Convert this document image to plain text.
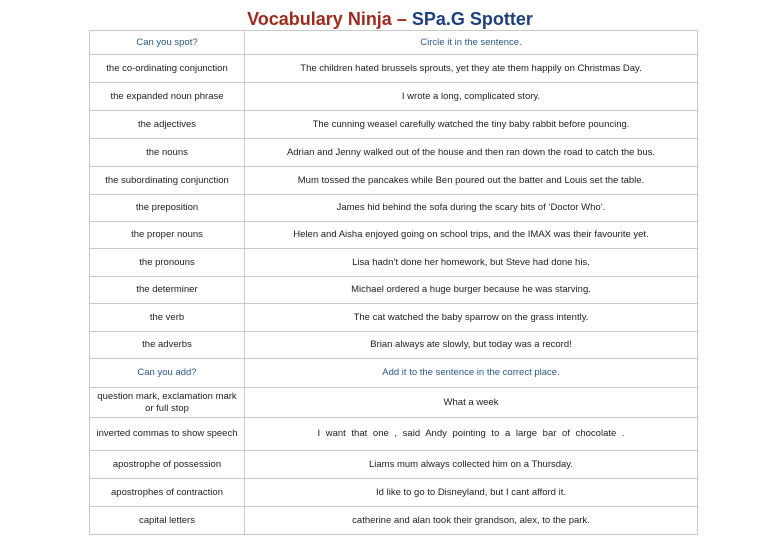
Vocabulary Ninja – SPa.G Spotter
Can you spot?	Circle it in the sentence.
the co-ordinating conjunction	The children hated brussels sprouts, yet they ate them happily on Christmas Day.
the expanded noun phrase	I wrote a long, complicated story.
the adjectives	The cunning weasel carefully watched the tiny baby rabbit before pouncing.
the nouns	Adrian and Jenny walked out of the house and then ran down the road to catch the bus.
the subordinating conjunction	Mum tossed the pancakes while Ben poured out the batter and Louis set the table.
the preposition	James hid behind the sofa during the scary bits of ‘Doctor Who’.
the proper nouns	Helen and Aisha enjoyed going on school trips, and the IMAX was their favourite yet.
the pronouns	Lisa hadn’t done her homework, but Steve had done his.
the determiner	Michael ordered a huge burger because he was starving.
the verb	The cat watched the baby sparrow on the grass intently.
the adverbs	Brian always ate slowly, but today was a record!
Can you add?	Add it to the sentence in the correct place.
question mark, exclamation mark or full stop	What a week
inverted commas to show speech	I want that one , said Andy pointing to a large bar of chocolate .
apostrophe of possession	Liams mum always collected him on a Thursday.
apostrophes of contraction	Id like to go to Disneyland, but I cant afford it.
capital letters	catherine and alan took their grandson, alex, to the park.
